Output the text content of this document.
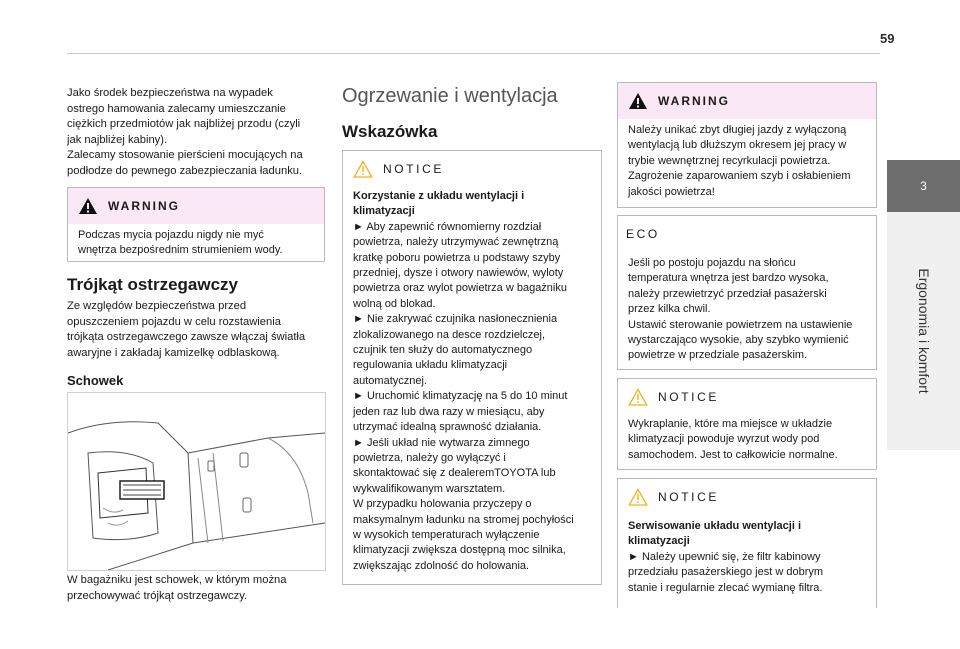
59
3
Ergonomia i komfort

Jako środek bezpieczeństwa na wypadek

ostrego hamowania zalecamy umieszczanie

ciężkich przedmiotów jak najbliżej przodu (czyli

jak najbliżej kabiny).

Zalecamy stosowanie pierścieni mocujących na

podłodze do pewnego zabezpieczania ładunku.

WARNING

Podczas mycia pojazdu nigdy nie myć

wnętrza bezpośrednim strumieniem wody.

Trójkąt ostrzegawczy

Ze względów bezpieczeństwa przed

opuszczeniem pojazdu w celu rozstawienia

trójkąta ostrzegawczego zawsze włączaj światła

awaryjne i zakładaj kamizelkę odblaskową.

Schowek

W bagażniku jest schowek, w którym można

przechowywać trójkąt ostrzegawczy.

Ogrzewanie i wentylacja
Wskazówka
NOTICE

Korzystanie z układu wentylacji i

klimatyzacji

► Aby zapewnić równomierny rozdział

powietrza, należy utrzymywać zewnętrzną

kratkę poboru powietrza u podstawy szyby

przedniej, dysze i otwory nawiewów, wyloty

powietrza oraz wylot powietrza w bagażniku

wolną od blokad.

► Nie zakrywać czujnika nasłonecznienia

zlokalizowanego na desce rozdzielczej,

czujnik ten służy do automatycznego

regulowania układu klimatyzacji

automatycznej.

► Uruchomić klimatyzację na 5 do 10 minut

jeden raz lub dwa razy w miesiącu, aby

utrzymać idealną sprawność działania.

► Jeśli układ nie wytwarza zimnego

powietrza, należy go wyłączyć i

skontaktować się z dealeremTOYOTA lub

wykwalifikowanym warsztatem.

W przypadku holowania przyczepy o

maksymalnym ładunku na stromej pochyłości

w wysokich temperaturach wyłączenie

klimatyzacji zwiększa dostępną moc silnika,

zwiększając zdolność do holowania.

WARNING

Należy unikać zbyt długiej jazdy z wyłączoną

wentylacją lub dłuższym okresem jej pracy w

trybie wewnętrznej recyrkulacji powietrza.

Zagrożenie zaparowaniem szyb i osłabieniem

jakości powietrza!

ECO

Jeśli po postoju pojazdu na słońcu

temperatura wnętrza jest bardzo wysoka,

należy przewietrzyć przedział pasażerski

przez kilka chwil.

Ustawić sterowanie powietrzem na ustawienie

wystarczająco wysokie, aby szybko wymienić

powietrze w przedziale pasażerskim.

NOTICE

Wykraplanie, które ma miejsce w układzie

klimatyzacji powoduje wyrzut wody pod

samochodem. Jest to całkowicie normalne.

NOTICE

Serwisowanie układu wentylacji i

klimatyzacji

► Należy upewnić się, że filtr kabinowy

przedziału pasażerskiego jest w dobrym

stanie i regularnie zlecać wymianę filtra.
